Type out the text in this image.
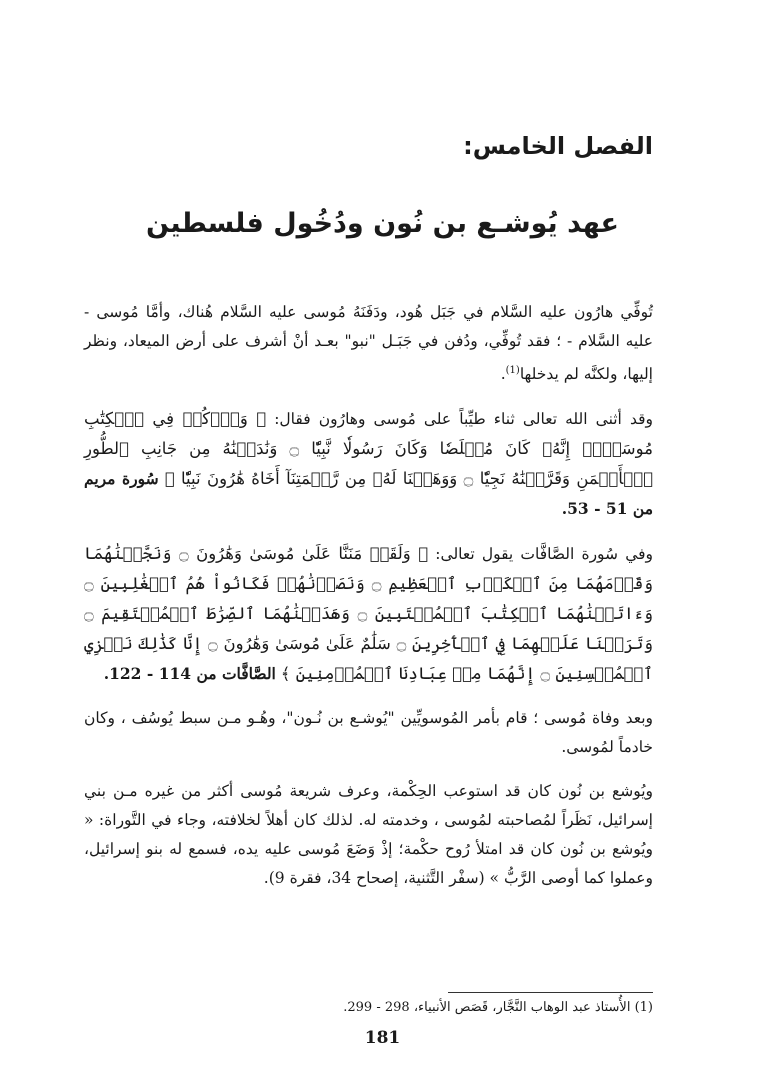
الفصل الخامس:
عهد يُوشـع بن نُون ودُخُول فلسطين

تُوفِّي هارُون عليه السَّلام في جَبَل هُود، ودَفَنَهُ مُوسى عليه السَّلام هُناك، وأمَّا مُوسى - عليه السَّلام - ؛ فقد تُوفِّي، ودُفن في جَبَـل "نبو" بعـد أنْ أشرف على أرض الميعاد، ونظر إليها، ولكنَّه لم يدخلها$^{(1)}$.

وقد أثنى الله تعالى ثناء طيِّباً على مُوسى وهارُون فقال: ﴿ وَٱذۡكُرۡ فِي ٱلۡكِتَٰبِ مُوسَىٰٓۚ إِنَّهُۥ كَانَ مُخۡلَصٗا وَكَانَ رَسُولٗا نَّبِيّٗا ۝ وَنَٰدَيۡنَٰهُ مِن جَانِبِ ٱلطُّورِ ٱلۡأَيۡمَنِ وَقَرَّبۡنَٰهُ نَجِيّٗا ۝ وَوَهَبۡنَا لَهُۥ مِن رَّحۡمَتِنَآ أَخَاهُ هَٰرُونَ نَبِيّٗا ﴾ سُورة مريم من 51 - 53.

وفي سُورة الصَّافَّات يقول تعالى: ﴿ وَلَقَدۡ مَنَنَّا عَلَىٰ مُوسَىٰ وَهَٰرُونَ ۝ وَنَجَّيۡنَٰهُمَا وَقَوۡمَهُمَا مِنَ ٱلۡكَرۡبِ ٱلۡعَظِيمِ ۝ وَنَصَرۡنَٰهُمۡ فَكَانُواْ هُمُ ٱلۡغَٰلِبِينَ ۝ وَءَاتَيۡنَٰهُمَا ٱلۡكِتَٰبَ ٱلۡمُسۡتَبِينَ ۝ وَهَدَيۡنَٰهُمَا ٱلصِّرَٰطَ ٱلۡمُسۡتَقِيمَ ۝ وَتَرَكۡنَا عَلَيۡهِمَا فِي ٱلۡأٓخِرِينَ ۝ سَلَٰمٌ عَلَىٰ مُوسَىٰ وَهَٰرُونَ ۝ إِنَّا كَذَٰلِكَ نَجۡزِي ٱلۡمُحۡسِنِينَ ۝ إِنَّهُمَا مِنۡ عِبَادِنَا ٱلۡمُؤۡمِنِينَ ﴾ الصَّافَّات من 114 - 122.

وبعد وفاة مُوسى ؛ قام بأمر المُوسويِّين "يُوشـع بن نُـون"، وهُـو مـن سبط يُوسُف ، وكان خادماً لمُوسى.

ويُوشع بن نُون كان قد استوعب الحِكْمة، وعرف شريعة مُوسى أكثر من غيره مـن بني إسرائيل، نَظَراً لمُصاحبته لمُوسى ، وخدمته له. لذلك كان أهلاً لخلافته، وجاء في التَّوراة: « ويُوشع بن نُون كان قد امتلأ رُوح حكْمة؛ إذْ وَضَعَ مُوسى عليه يده، فسمع له بنو إسرائيل، وعملوا كما أوصى الرَّبُّ » (سفْر التَّثنية، إصحاح 34، فقرة 9).

(1) الأُستاذ عبد الوهاب النَّجَّار، قَصَص الأنبياء، 298 - 299.
181
